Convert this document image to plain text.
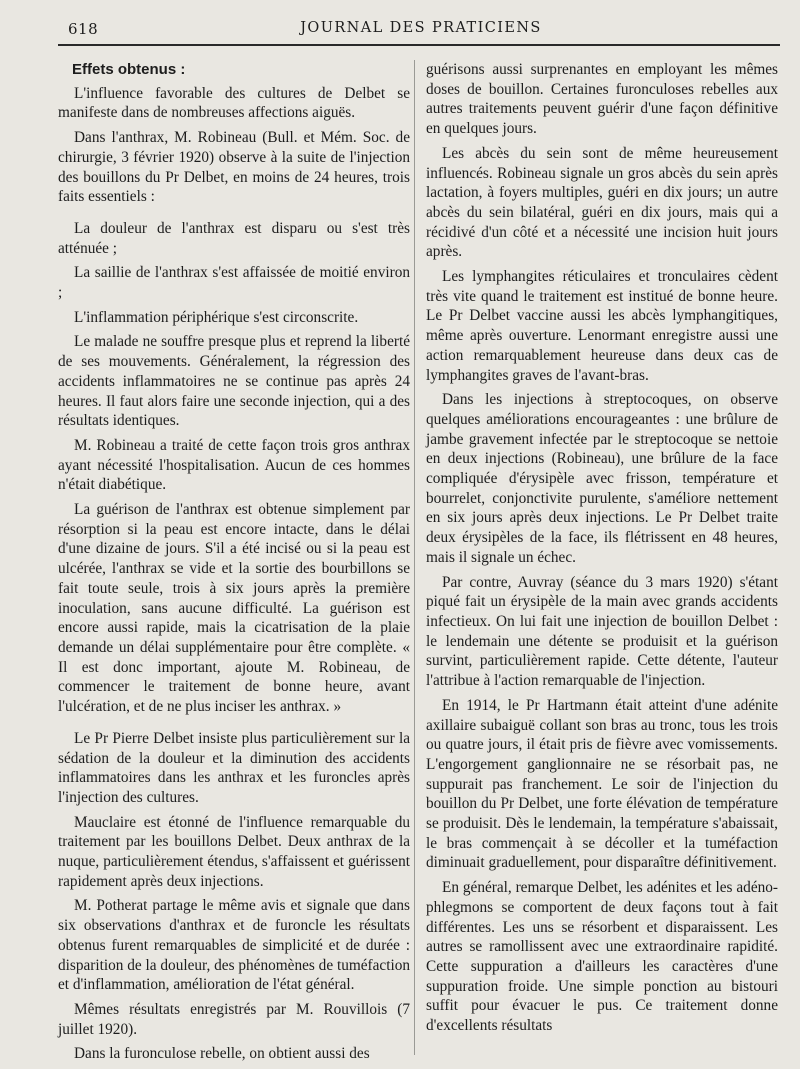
618	JOURNAL DES PRATICIENS
Effets obtenus :

L'influence favorable des cultures de Delbet se manifeste dans de nombreuses affections aiguës.

Dans l'anthrax, M. Robineau (Bull. et Mém. Soc. de chirurgie, 3 février 1920) observe à la suite de l'injection des bouillons du Pr Delbet, en moins de 24 heures, trois faits essentiels :

La douleur de l'anthrax est disparu ou s'est très atténuée ;

La saillie de l'anthrax s'est affaissée de moitié environ ;

L'inflammation périphérique s'est circonscrite.

Le malade ne souffre presque plus et reprend la liberté de ses mouvements. Généralement, la régression des accidents inflammatoires ne se continue pas après 24 heures. Il faut alors faire une seconde injection, qui a des résultats identiques.

M. Robineau a traité de cette façon trois gros anthrax ayant nécessité l'hospitalisation. Aucun de ces hommes n'était diabétique.

La guérison de l'anthrax est obtenue simplement par résorption si la peau est encore intacte, dans le délai d'une dizaine de jours. S'il a été incisé ou si la peau est ulcérée, l'anthrax se vide et la sortie des bourbillons se fait toute seule, trois à six jours après la première inoculation, sans aucune difficulté. La guérison est encore aussi rapide, mais la cicatrisation de la plaie demande un délai supplémentaire pour être complète. « Il est donc important, ajoute M. Robineau, de commencer le traitement de bonne heure, avant l'ulcération, et de ne plus inciser les anthrax. »

Le Pr Pierre Delbet insiste plus particulièrement sur la sédation de la douleur et la diminution des accidents inflammatoires dans les anthrax et les furoncles après l'injection des cultures.

Mauclaire est étonné de l'influence remarquable du traitement par les bouillons Delbet. Deux anthrax de la nuque, particulièrement étendus, s'affaissent et guérissent rapidement après deux injections.

M. Potherat partage le même avis et signale que dans six observations d'anthrax et de furoncle les résultats obtenus furent remarquables de simplicité et de durée : disparition de la douleur, des phénomènes de tuméfaction et d'inflammation, amélioration de l'état général.

Mêmes résultats enregistrés par M. Rouvillois (7 juillet 1920).

Dans la furonculose rebelle, on obtient aussi des

guérisons aussi surprenantes en employant les mêmes doses de bouillon. Certaines furonculoses rebelles aux autres traitements peuvent guérir d'une façon définitive en quelques jours.

Les abcès du sein sont de même heureusement influencés. Robineau signale un gros abcès du sein après lactation, à foyers multiples, guéri en dix jours; un autre abcès du sein bilatéral, guéri en dix jours, mais qui a récidivé d'un côté et a nécessité une incision huit jours après.

Les lymphangites réticulaires et tronculaires cèdent très vite quand le traitement est institué de bonne heure. Le Pr Delbet vaccine aussi les abcès lymphangitiques, même après ouverture. Lenormant enregistre aussi une action remarquablement heureuse dans deux cas de lymphangites graves de l'avant-bras.

Dans les injections à streptocoques, on observe quelques améliorations encourageantes : une brûlure de jambe gravement infectée par le streptocoque se nettoie en deux injections (Robineau), une brûlure de la face compliquée d'érysipèle avec frisson, température et bourrelet, conjonctivite purulente, s'améliore nettement en six jours après deux injections. Le Pr Delbet traite deux érysipèles de la face, ils flétrissent en 48 heures, mais il signale un échec.

Par contre, Auvray (séance du 3 mars 1920) s'étant piqué fait un érysipèle de la main avec grands accidents infectieux. On lui fait une injection de bouillon Delbet : le lendemain une détente se produisit et la guérison survint, particulièrement rapide. Cette détente, l'auteur l'attribue à l'action remarquable de l'injection.

En 1914, le Pr Hartmann était atteint d'une adénite axillaire subaiguë collant son bras au tronc, tous les trois ou quatre jours, il était pris de fièvre avec vomissements. L'engorgement ganglionnaire ne se résorbait pas, ne suppurait pas franchement. Le soir de l'injection du bouillon du Pr Delbet, une forte élévation de température se produisit. Dès le lendemain, la température s'abaissait, le bras commençait à se décoller et la tuméfaction diminuait graduellement, pour disparaître définitivement.

En général, remarque Delbet, les adénites et les adéno-phlegmons se comportent de deux façons tout à fait différentes. Les uns se résorbent et disparaissent. Les autres se ramollissent avec une extraordinaire rapidité. Cette suppuration a d'ailleurs les caractères d'une suppuration froide. Une simple ponction au bistouri suffit pour évacuer le pus. Ce traitement donne d'excellents résultats
